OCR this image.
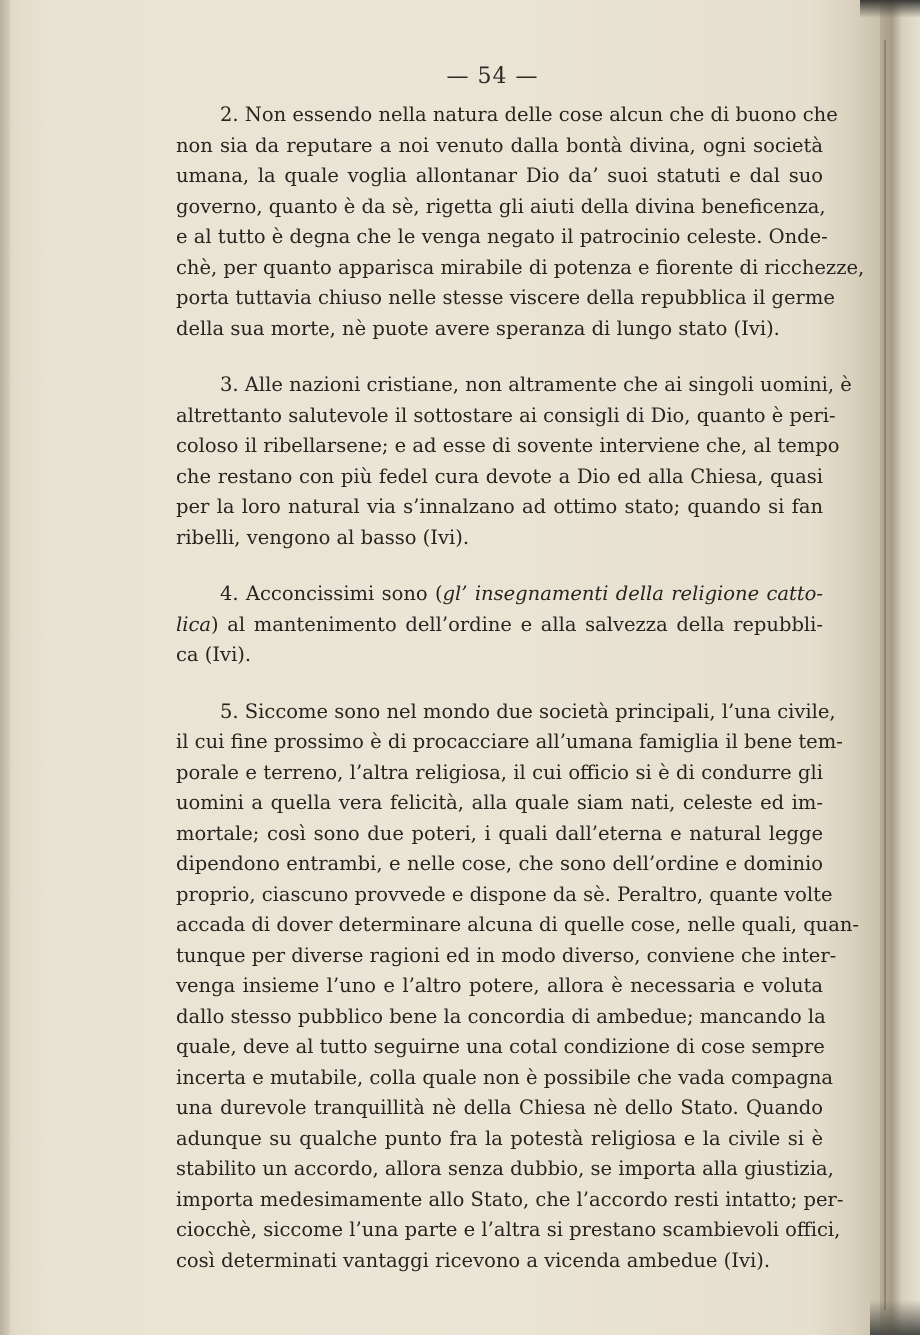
— 54 —
2. Non essendo nella natura delle cose alcun che di buono che
non sia da reputare a noi venuto dalla bontà divina, ogni società
umana, la quale voglia allontanar Dio da’ suoi statuti e dal suo
governo, quanto è da sè, rigetta gli aiuti della divina beneficenza,
e al tutto è degna che le venga negato il patrocinio celeste. Onde-
chè, per quanto apparisca mirabile di potenza e fiorente di ricchezze,
porta tuttavia chiuso nelle stesse viscere della repubblica il germe
della sua morte, nè puote avere speranza di lungo stato (Ivi).
3. Alle nazioni cristiane, non altramente che ai singoli uomini, è
altrettanto salutevole il sottostare ai consigli di Dio, quanto è peri-
coloso il ribellarsene; e ad esse di sovente interviene che, al tempo
che restano con più fedel cura devote a Dio ed alla Chiesa, quasi
per la loro natural via s’innalzano ad ottimo stato; quando si fan
ribelli, vengono al basso (Ivi).
4. Acconcissimi sono (gl’ insegnamenti della religione catto-
lica) al mantenimento dell’ordine e alla salvezza della repubbli-
ca (Ivi).
5. Siccome sono nel mondo due società principali, l’una civile,
il cui fine prossimo è di procacciare all’umana famiglia il bene tem-
porale e terreno, l’altra religiosa, il cui officio si è di condurre gli
uomini a quella vera felicità, alla quale siam nati, celeste ed im-
mortale; così sono due poteri, i quali dall’eterna e natural legge
dipendono entrambi, e nelle cose, che sono dell’ordine e dominio
proprio, ciascuno provvede e dispone da sè. Peraltro, quante volte
accada di dover determinare alcuna di quelle cose, nelle quali, quan-
tunque per diverse ragioni ed in modo diverso, conviene che inter-
venga insieme l’uno e l’altro potere, allora è necessaria e voluta
dallo stesso pubblico bene la concordia di ambedue; mancando la
quale, deve al tutto seguirne una cotal condizione di cose sempre
incerta e mutabile, colla quale non è possibile che vada compagna
una durevole tranquillità nè della Chiesa nè dello Stato. Quando
adunque su qualche punto fra la potestà religiosa e la civile si è
stabilito un accordo, allora senza dubbio, se importa alla giustizia,
importa medesimamente allo Stato, che l’accordo resti intatto; per-
ciocchè, siccome l’una parte e l’altra si prestano scambievoli offici,
così determinati vantaggi ricevono a vicenda ambedue (Ivi).
